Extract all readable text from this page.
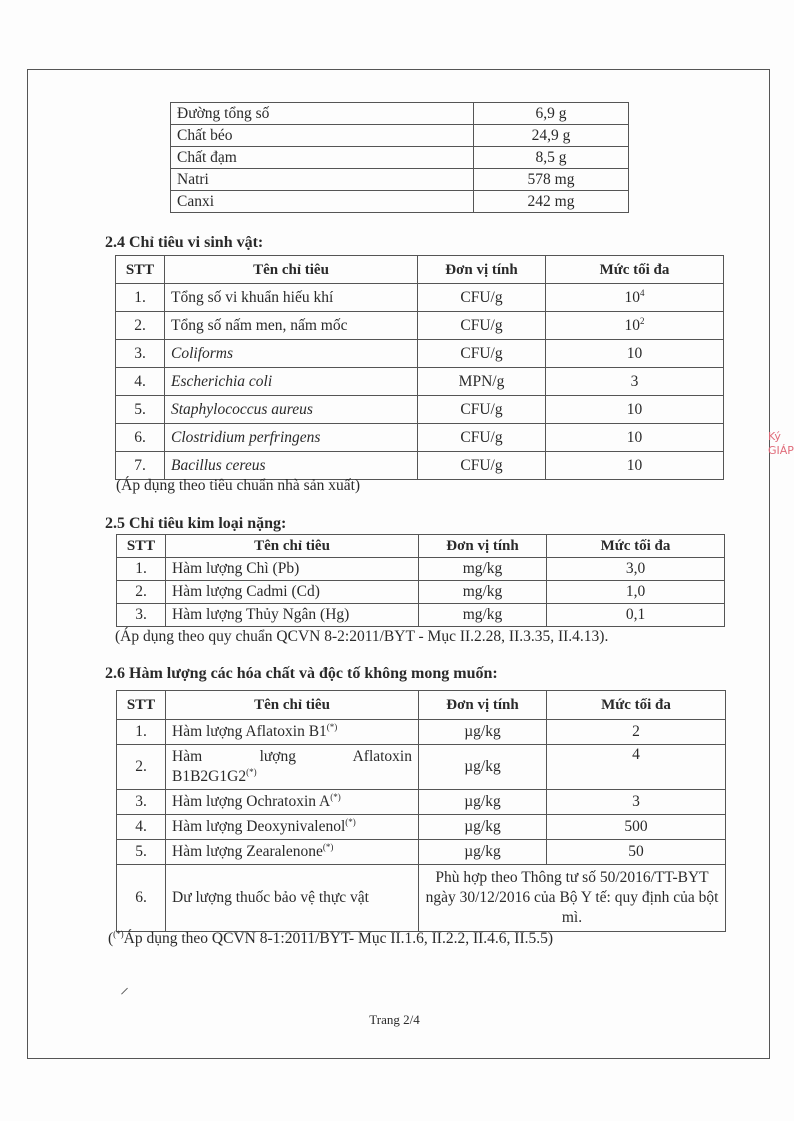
Đường tổng số	6,9 g
Chất béo	24,9 g
Chất đạm	8,5 g
Natri	578 mg
Canxi	242 mg
2.4 Chỉ tiêu vi sinh vật:
STT	Tên chỉ tiêu	Đơn vị tính	Mức tối đa
1.	Tổng số vi khuẩn hiếu khí	CFU/g	$10^4$
2.	Tổng số nấm men, nấm mốc	CFU/g	$10^2$
3.	Coliforms	CFU/g	10
4.	Escherichia coli	MPN/g	3
5.	Staphylococcus aureus	CFU/g	10
6.	Clostridium perfringens	CFU/g	10
7.	Bacillus cereus	CFU/g	10
(Áp dụng theo tiêu chuẩn nhà sản xuất)
2.5 Chỉ tiêu kim loại nặng:
STT	Tên chỉ tiêu	Đơn vị tính	Mức tối đa
1.	Hàm lượng Chì (Pb)	mg/kg	3,0
2.	Hàm lượng Cadmi (Cd)	mg/kg	1,0
3.	Hàm lượng Thủy Ngân (Hg)	mg/kg	0,1
(Áp dụng theo quy chuẩn QCVN 8-2:2011/BYT - Mục II.2.28, II.3.35, II.4.13).
2.6 Hàm lượng các hóa chất và độc tố không mong muốn:
STT	Tên chỉ tiêu	Đơn vị tính	Mức tối đa
1.	Hàm lượng Aflatoxin B1(*)	µg/kg	2
2.	Hàm lượng Aflatoxin
B1B2G1G2(*)	µg/kg	4
3.	Hàm lượng Ochratoxin A(*)	µg/kg	3
4.	Hàm lượng Deoxynivalenol(*)	µg/kg	500
5.	Hàm lượng Zearalenone(*)	µg/kg	50
6.	Dư lượng thuốc bảo vệ thực vật	Phù hợp theo Thông tư số 50/2016/TT-BYT ngày 30/12/2016 của Bộ Y tế: quy định của bột mì.	
((*)Áp dụng theo QCVN 8-1:2011/BYT- Mục II.1.6, II.2.2, II.4.6, II.5.5)
Ký GIÁP
⸝
Trang 2/4
